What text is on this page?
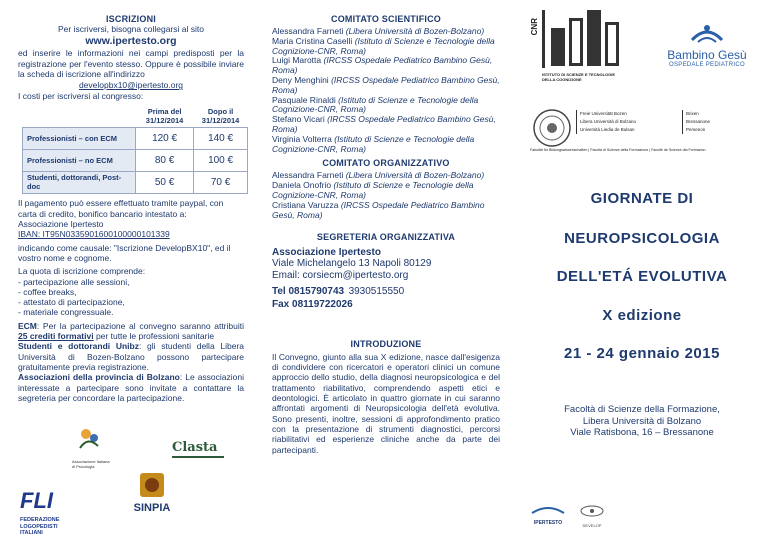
ISCRIZIONI
Per iscriversi, bisogna collegarsi al sito
www.ipertesto.org
ed inserire le informazioni nei campi predisposti per la registrazione per l'evento stesso. Oppure è possibile inviare la scheda di iscrizione all'indirizzo
developbx10@ipertesto.org
I costi per iscriversi al congresso:
	Prima del 31/12/2014	Dopo il 31/12/2014
Professionisti – con ECM	120 €	140 €
Professionisti – no ECM	80 €	100 €
Studenti, dottorandi, Post-doc	50 €	70 €
Il pagamento può essere effettuato tramite paypal, con carta di credito, bonifico bancario intestato a:
Associazione Ipertesto
IBAN: IT95N0335901600100000101339
indicando come causale: "Iscrizione DevelopBX10", ed il vostro nome e cognome.
La quota di iscrizione comprende:
- partecipazione alle sessioni,
- coffee breaks,
- attestato di partecipazione,
- materiale congressuale.
ECM: Per la partecipazione al convegno saranno attribuiti 25 crediti formativi per tutte le professioni sanitarie
Studenti e dottorandi Unibz: gli studenti della Libera Università di Bozen-Bolzano possono partecipare gratuitamente previa registrazione.
Associazioni della provincia di Bolzano: Le associazioni interessate a partecipare sono invitate a contattare la segreteria per concordare la partecipazione.
Associazione Italiana di Psicologia
Clasta
FLI FEDERAZIONE LOGOPEDISTI ITALIANI
SINPIA
COMITATO SCIENTIFICO
Alessandra Farneti (Libera Università di Bozen-Bolzano)
Maria Cristina Caselli (Istituto di Scienze e Tecnologie della Cognizione-CNR, Roma)
Luigi Marotta (IRCSS Ospedale Pediatrico Bambino Gesù, Roma)
Deny Menghini (IRCSS Ospedale Pediatrico Bambino Gesù, Roma)
Pasquale Rinaldi (Istituto di Scienze e Tecnologie della Cognizione-CNR, Roma)
Stefano Vicari (IRCSS Ospedale Pediatrico Bambino Gesù, Roma)
Virginia Volterra (Istituto di Scienze e Tecnologie della Cognizione-CNR, Roma)
COMITATO ORGANIZZATIVO
Alessandra Farneti (Libera Università di Bozen-Bolzano)
Daniela Onofrio (Istituto di Scienze e Tecnologie della Cognizione-CNR, Roma)
Cristiana Varuzza (IRCSS Ospedale Pediatrico Bambino Gesù, Roma)
SEGRETERIA ORGANIZZATIVA
Associazione Ipertesto
Viale Michelangelo 13 Napoli 80129
Email: corsiecm@ipertesto.org
Tel 0815790743 3930515550
Fax 08119722026
INTRODUZIONE
Il Convegno, giunto alla sua X edizione, nasce dall'esigenza di condividere con ricercatori e operatori clinici un comune approccio dello studio, della diagnosi neuropsicologica e del trattamento riabilitativo, comprendendo aspetti etici e deontologici. È articolato in quattro giornate in cui saranno affrontati argomenti di Neuropsicologia dell'età evolutiva. Sono presenti, inoltre, sessioni di approfondimento pratico con la presentazione di strumenti diagnostici, percorsi riabilitativi ed esperienze cliniche anche da parte dei partecipanti.
CNR
ISTITUTO DI SCIENZE E TECNOLOGIE DELLA COGNIZIONE
Bambino Gesù
OSPEDALE PEDIATRICO
Freie Universität Bozen
Libera Università di Bolzano
Università Liedia de Bulsan
Brixen
Bressanone
Persenon
Fakultät für Bildungswissenschaften | Facoltà di Scienze della Formazione | Facultè de Scienze dla Formazion
GIORNATE DI
NEUROPSICOLOGIA
DELL'ETÁ EVOLUTIVA
X edizione
21 - 24 gennaio 2015
Facoltà di Scienze della Formazione,
Libera Università di Bolzano
Viale Ratisbona, 16 – Bressanone
IPERTESTO	DEVELOP
